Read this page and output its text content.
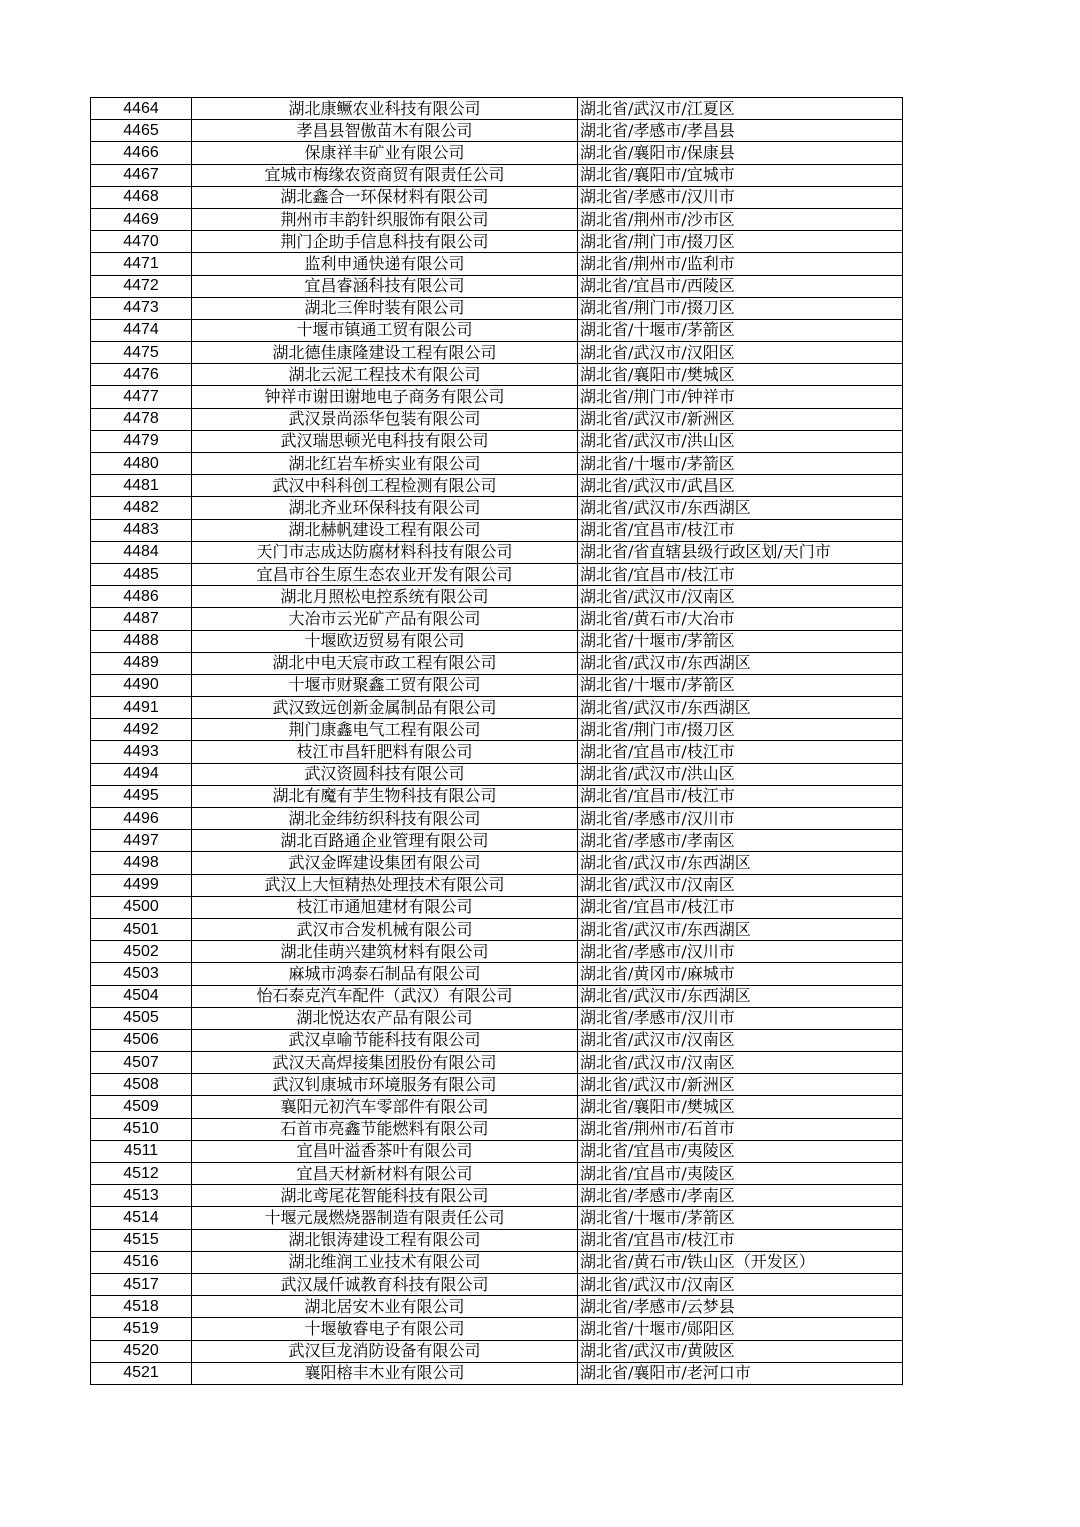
4464	湖北康鳜农业科技有限公司	湖北省/武汉市/江夏区
4465	孝昌县智傲苗木有限公司	湖北省/孝感市/孝昌县
4466	保康祥丰矿业有限公司	湖北省/襄阳市/保康县
4467	宜城市梅缘农资商贸有限责任公司	湖北省/襄阳市/宜城市
4468	湖北鑫合一环保材料有限公司	湖北省/孝感市/汉川市
4469	荆州市丰韵针织服饰有限公司	湖北省/荆州市/沙市区
4470	荆门企助手信息科技有限公司	湖北省/荆门市/掇刀区
4471	监利申通快递有限公司	湖北省/荆州市/监利市
4472	宜昌睿涵科技有限公司	湖北省/宜昌市/西陵区
4473	湖北三侔时装有限公司	湖北省/荆门市/掇刀区
4474	十堰市镇通工贸有限公司	湖北省/十堰市/茅箭区
4475	湖北德佳康隆建设工程有限公司	湖北省/武汉市/汉阳区
4476	湖北云泥工程技术有限公司	湖北省/襄阳市/樊城区
4477	钟祥市谢田谢地电子商务有限公司	湖北省/荆门市/钟祥市
4478	武汉景尚添华包装有限公司	湖北省/武汉市/新洲区
4479	武汉瑞思顿光电科技有限公司	湖北省/武汉市/洪山区
4480	湖北红岩车桥实业有限公司	湖北省/十堰市/茅箭区
4481	武汉中科科创工程检测有限公司	湖北省/武汉市/武昌区
4482	湖北齐业环保科技有限公司	湖北省/武汉市/东西湖区
4483	湖北赫帆建设工程有限公司	湖北省/宜昌市/枝江市
4484	天门市志成达防腐材料科技有限公司	湖北省/省直辖县级行政区划/天门市
4485	宜昌市谷生原生态农业开发有限公司	湖北省/宜昌市/枝江市
4486	湖北月照松电控系统有限公司	湖北省/武汉市/汉南区
4487	大冶市云光矿产品有限公司	湖北省/黄石市/大冶市
4488	十堰欧迈贸易有限公司	湖北省/十堰市/茅箭区
4489	湖北中电天宸市政工程有限公司	湖北省/武汉市/东西湖区
4490	十堰市财聚鑫工贸有限公司	湖北省/十堰市/茅箭区
4491	武汉致远创新金属制品有限公司	湖北省/武汉市/东西湖区
4492	荆门康鑫电气工程有限公司	湖北省/荆门市/掇刀区
4493	枝江市昌轩肥料有限公司	湖北省/宜昌市/枝江市
4494	武汉资圆科技有限公司	湖北省/武汉市/洪山区
4495	湖北有魔有芋生物科技有限公司	湖北省/宜昌市/枝江市
4496	湖北金纬纺织科技有限公司	湖北省/孝感市/汉川市
4497	湖北百路通企业管理有限公司	湖北省/孝感市/孝南区
4498	武汉金晖建设集团有限公司	湖北省/武汉市/东西湖区
4499	武汉上大恒精热处理技术有限公司	湖北省/武汉市/汉南区
4500	枝江市通旭建材有限公司	湖北省/宜昌市/枝江市
4501	武汉市合发机械有限公司	湖北省/武汉市/东西湖区
4502	湖北佳萌兴建筑材料有限公司	湖北省/孝感市/汉川市
4503	麻城市鸿泰石制品有限公司	湖北省/黄冈市/麻城市
4504	怡石泰克汽车配件（武汉）有限公司	湖北省/武汉市/东西湖区
4505	湖北悦达农产品有限公司	湖北省/孝感市/汉川市
4506	武汉卓喻节能科技有限公司	湖北省/武汉市/汉南区
4507	武汉天高焊接集团股份有限公司	湖北省/武汉市/汉南区
4508	武汉钊康城市环境服务有限公司	湖北省/武汉市/新洲区
4509	襄阳元初汽车零部件有限公司	湖北省/襄阳市/樊城区
4510	石首市亮鑫节能燃料有限公司	湖北省/荆州市/石首市
4511	宜昌叶溢香茶叶有限公司	湖北省/宜昌市/夷陵区
4512	宜昌天材新材料有限公司	湖北省/宜昌市/夷陵区
4513	湖北鸢尾花智能科技有限公司	湖北省/孝感市/孝南区
4514	十堰元晟燃烧器制造有限责任公司	湖北省/十堰市/茅箭区
4515	湖北银涛建设工程有限公司	湖北省/宜昌市/枝江市
4516	湖北维润工业技术有限公司	湖北省/黄石市/铁山区（开发区）
4517	武汉晟仟诚教育科技有限公司	湖北省/武汉市/汉南区
4518	湖北居安木业有限公司	湖北省/孝感市/云梦县
4519	十堰敏睿电子有限公司	湖北省/十堰市/郧阳区
4520	武汉巨龙消防设备有限公司	湖北省/武汉市/黄陂区
4521	襄阳榕丰木业有限公司	湖北省/襄阳市/老河口市
